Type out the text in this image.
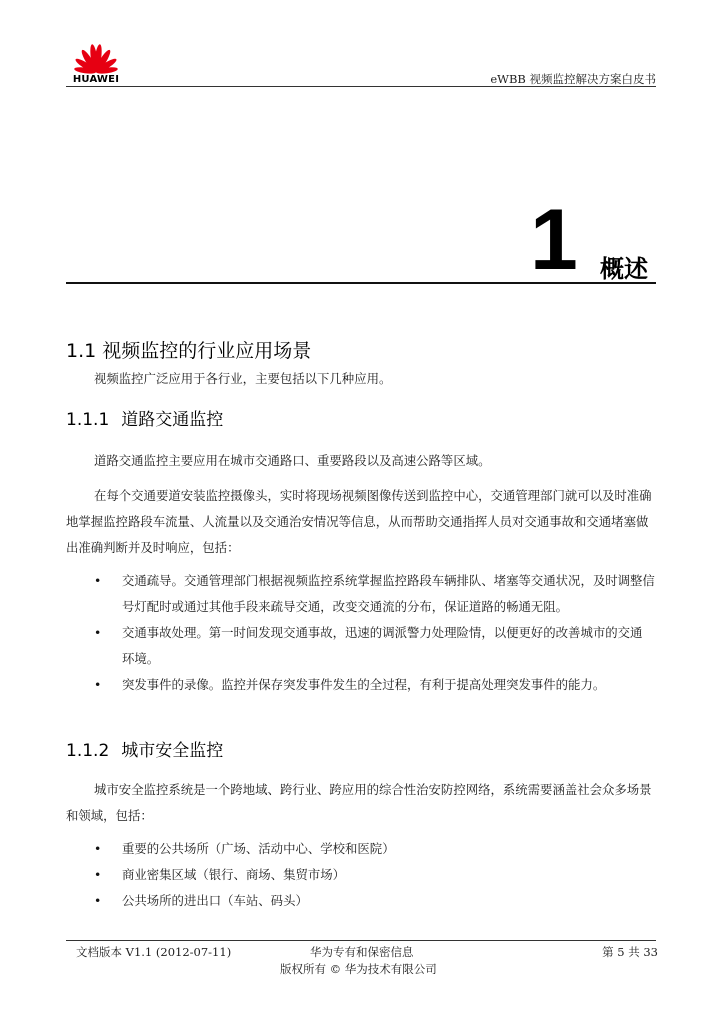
HUAWEI	eWBB 视频监控解决方案白皮书
1 概述
1.1 视频监控的行业应用场景
视频监控广泛应用于各行业，主要包括以下几种应用。
1.1.1 道路交通监控
道路交通监控主要应用在城市交通路口、重要路段以及高速公路等区域。
在每个交通要道安装监控摄像头，实时将现场视频图像传送到监控中心，交通管理部门就可以及时准确地掌握监控路段车流量、人流量以及交通治安情况等信息，从而帮助交通指挥人员对交通事故和交通堵塞做出准确判断并及时响应，包括：
• 交通疏导。交通管理部门根据视频监控系统掌握监控路段车辆排队、堵塞等交通状况，及时调整信号灯配时或通过其他手段来疏导交通，改变交通流的分布，保证道路的畅通无阻。
• 交通事故处理。第一时间发现交通事故，迅速的调派警力处理险情，以便更好的改善城市的交通环境。
• 突发事件的录像。监控并保存突发事件发生的全过程，有利于提高处理突发事件的能力。
1.1.2 城市安全监控
城市安全监控系统是一个跨地域、跨行业、跨应用的综合性治安防控网络，系统需要涵盖社会众多场景和领域，包括：
• 重要的公共场所（广场、活动中心、学校和医院）
• 商业密集区域（银行、商场、集贸市场）
• 公共场所的进出口（车站、码头）
文档版本 V1.1 (2012-07-11)	华为专有和保密信息	第 5 共 33
版权所有 © 华为技术有限公司
